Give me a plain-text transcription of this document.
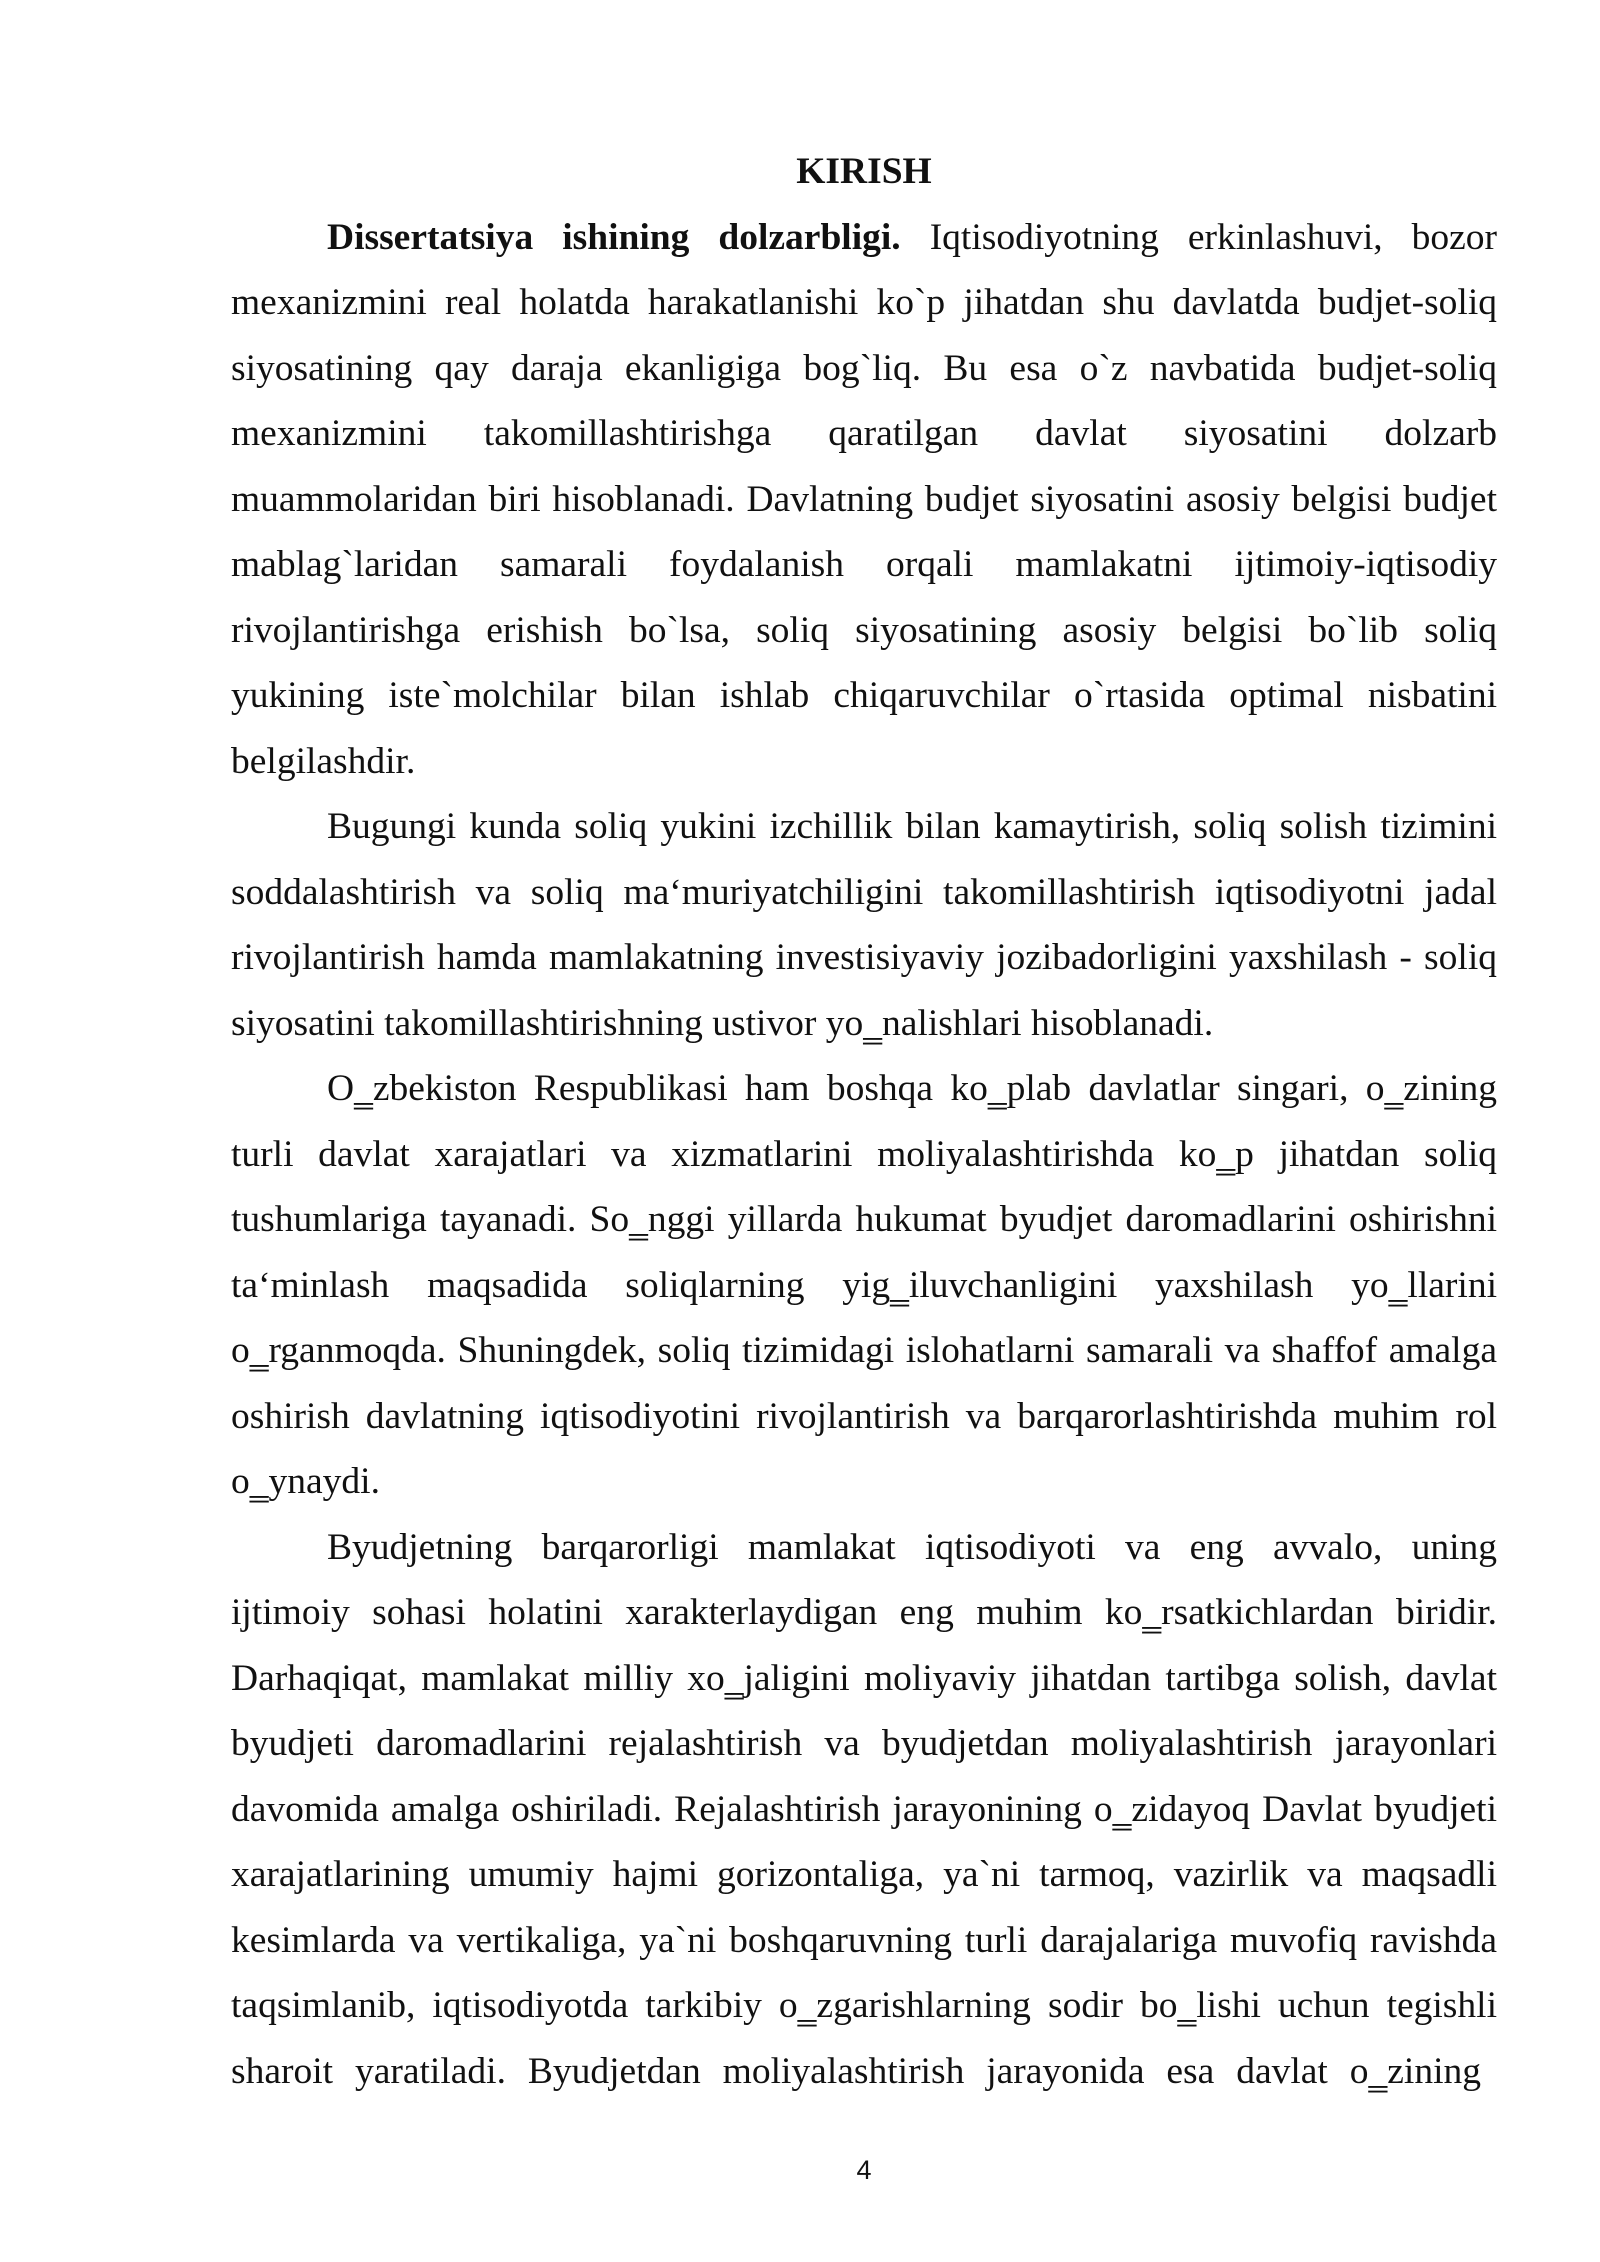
KIRISH
Dissertatsiya ishining dolzarbligi. Iqtisodiyotning erkinlashuvi, bozor
mexanizmini real holatda harakatlanishi ko`p jihatdan shu davlatda budjet-soliq
siyosatining qay daraja ekanligiga bog`liq. Bu esa o`z navbatida budjet-soliq
mexanizmini takomillashtirishga qaratilgan davlat siyosatini dolzarb
muammolaridan biri hisoblanadi. Davlatning budjet siyosatini asosiy belgisi budjet
mablag`laridan samarali foydalanish orqali mamlakatni ijtimoiy-iqtisodiy
rivojlantirishga erishish bo`lsa, soliq siyosatining asosiy belgisi bo`lib soliq
yukining iste`molchilar bilan ishlab chiqaruvchilar o`rtasida optimal nisbatini
belgilashdir.
Bugungi kunda soliq yukini izchillik bilan kamaytirish, soliq solish tizimini
soddalashtirish va soliq ma‘muriyatchiligini takomillashtirish iqtisodiyotni jadal
rivojlantirish hamda mamlakatning investisiyaviy jozibadorligini yaxshilash - soliq
siyosatini takomillashtirishning ustivor yo‗nalishlari hisoblanadi.
O‗zbekiston Respublikasi ham boshqa ko‗plab davlatlar singari, o‗zining
turli davlat xarajatlari va xizmatlarini moliyalashtirishda ko‗p jihatdan soliq
tushumlariga tayanadi. So‗nggi yillarda hukumat byudjet daromadlarini oshirishni
ta‘minlash maqsadida soliqlarning yig‗iluvchanligini yaxshilash yo‗llarini
o‗rganmoqda. Shuningdek, soliq tizimidagi islohatlarni samarali va shaffof amalga
oshirish davlatning iqtisodiyotini rivojlantirish va barqarorlashtirishda muhim rol
o‗ynaydi.
Byudjetning barqarorligi mamlakat iqtisodiyoti va eng avvalo, uning
ijtimoiy sohasi holatini xarakterlaydigan eng muhim ko‗rsatkichlardan biridir.
Darhaqiqat, mamlakat milliy xo‗jaligini moliyaviy jihatdan tartibga solish, davlat
byudjeti daromadlarini rejalashtirish va byudjetdan moliyalashtirish jarayonlari
davomida amalga oshiriladi. Rejalashtirish jarayonining o‗zidayoq Davlat byudjeti
xarajatlarining umumiy hajmi gorizontaliga, ya`ni tarmoq, vazirlik va maqsadli
kesimlarda va vertikaliga, ya`ni boshqaruvning turli darajalariga muvofiq ravishda
taqsimlanib, iqtisodiyotda tarkibiy o‗zgarishlarning sodir bo‗lishi uchun tegishli
sharoit yaratiladi. Byudjetdan moliyalashtirish jarayonida esa davlat o‗zining
4
